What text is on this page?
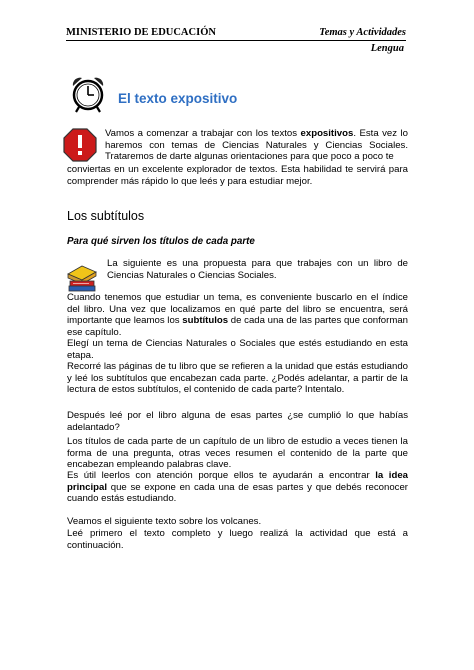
MINISTERIO DE EDUCACIÓN	Temas y Actividades
Lengua
El texto expositivo

Vamos a comenzar a trabajar con los textos expositivos. Esta vez lo haremos con temas de Ciencias Naturales y Ciencias Sociales. Trataremos de darte algunas orientaciones para que poco a poco te

conviertas en un excelente explorador de textos. Esta habilidad te servirá para comprender más rápido lo que leés y para estudiar mejor.

Los subtítulos
Para qué sirven los títulos de cada parte

La siguiente es una propuesta para que trabajes con un libro de Ciencias Naturales o Ciencias Sociales.

Cuando tenemos que estudiar un tema, es conveniente buscarlo en el índice del libro. Una vez que localizamos en qué parte del libro se encuentra, será importante que leamos los subtítulos de cada una de las partes que conforman ese capítulo.

Elegí un tema de Ciencias Naturales o Sociales que estés estudiando en esta etapa.

Recorré las páginas de tu libro que se refieren a la unidad que estás estudiando y leé los subtítulos que encabezan cada parte. ¿Podés adelantar, a partir de la lectura de estos subtítulos, el contenido de cada parte? Intentalo.

Después leé por el libro alguna de esas partes ¿se cumplió lo que habías adelantado?

Los títulos de cada parte de un capítulo de un libro de estudio a veces tienen la forma de una pregunta, otras veces resumen el contenido de la parte que encabezan empleando palabras clave.

Es útil leerlos con atención porque ellos te ayudarán a encontrar la idea principal que se expone en cada una de esas partes y que debés reconocer cuando estás estudiando.

Veamos el siguiente texto sobre los volcanes.

Leé primero el texto completo y luego realizá la actividad que está a continuación.
